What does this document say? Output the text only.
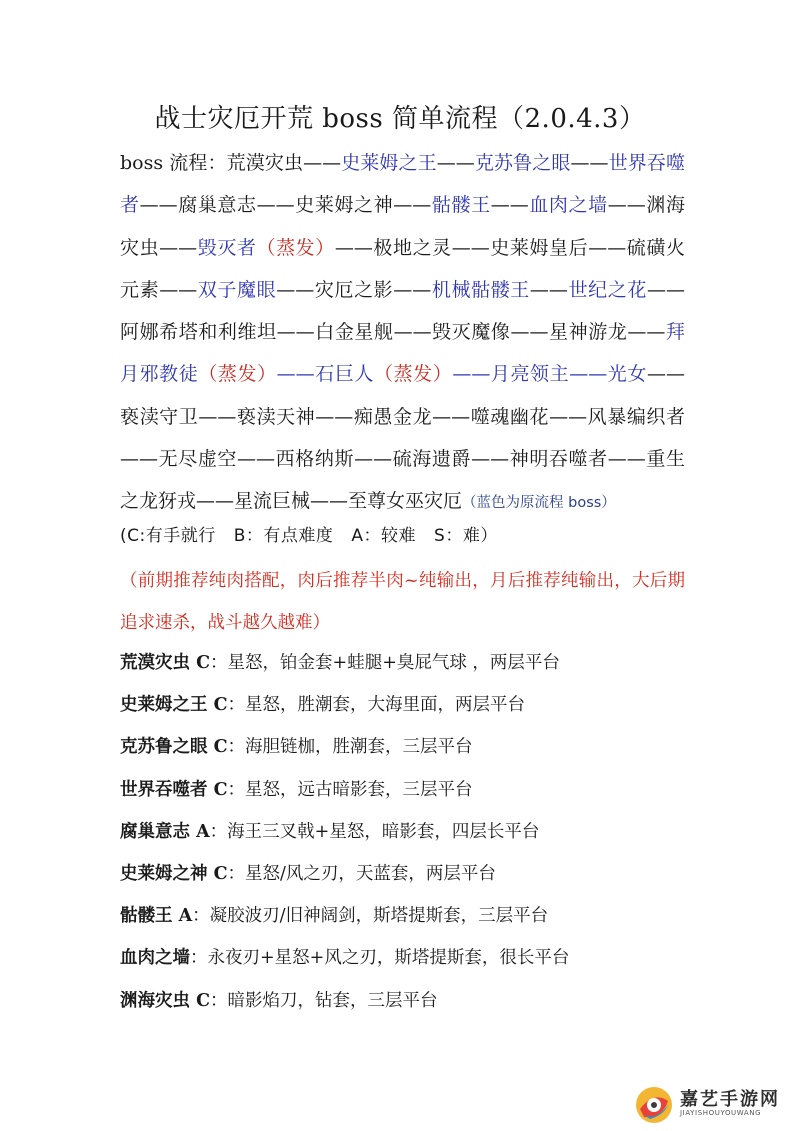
战士灾厄开荒 boss 简单流程（2.0.4.3）
boss 流程：荒漠灾虫——史莱姆之王——克苏鲁之眼——世界吞噬者——腐巢意志——史莱姆之神——骷髅王——血肉之墙——渊海灾虫——毁灭者（蒸发）——极地之灵——史莱姆皇后——硫磺火元素——双子魔眼——灾厄之影——机械骷髅王——世纪之花——阿娜希塔和利维坦——白金星舰——毁灭魔像——星神游龙——拜月邪教徒（蒸发）——石巨人（蒸发）——月亮领主——光女——亵渎守卫——亵渎天神——痴愚金龙——噬魂幽花——风暴编织者——无尽虚空——西格纳斯——硫海遗爵——神明吞噬者——重生之龙犽戎——星流巨械——至尊女巫灾厄（蓝色为原流程 boss）
(C:有手就行 B：有点难度 A：较难 S：难）
（前期推荐纯肉搭配，肉后推荐半肉~纯输出，月后推荐纯输出，大后期追求速杀，战斗越久越难）
荒漠灾虫 C：星怒，铂金套+蛙腿+臭屁气球 ，两层平台
史莱姆之王 C：星怒，胜潮套，大海里面，两层平台
克苏鲁之眼 C：海胆链枷，胜潮套，三层平台
世界吞噬者 C：星怒，远古暗影套，三层平台
腐巢意志 A：海王三叉戟+星怒，暗影套，四层长平台
史莱姆之神 C：星怒/风之刃，天蓝套，两层平台
骷髅王 A：凝胶波刃/旧神阔剑，斯塔提斯套，三层平台
血肉之墙：永夜刃+星怒+风之刃，斯塔提斯套，很长平台
渊海灾虫 C：暗影焰刀，钻套，三层平台
嘉艺手游网
JIAYISHOUYOUWANG
